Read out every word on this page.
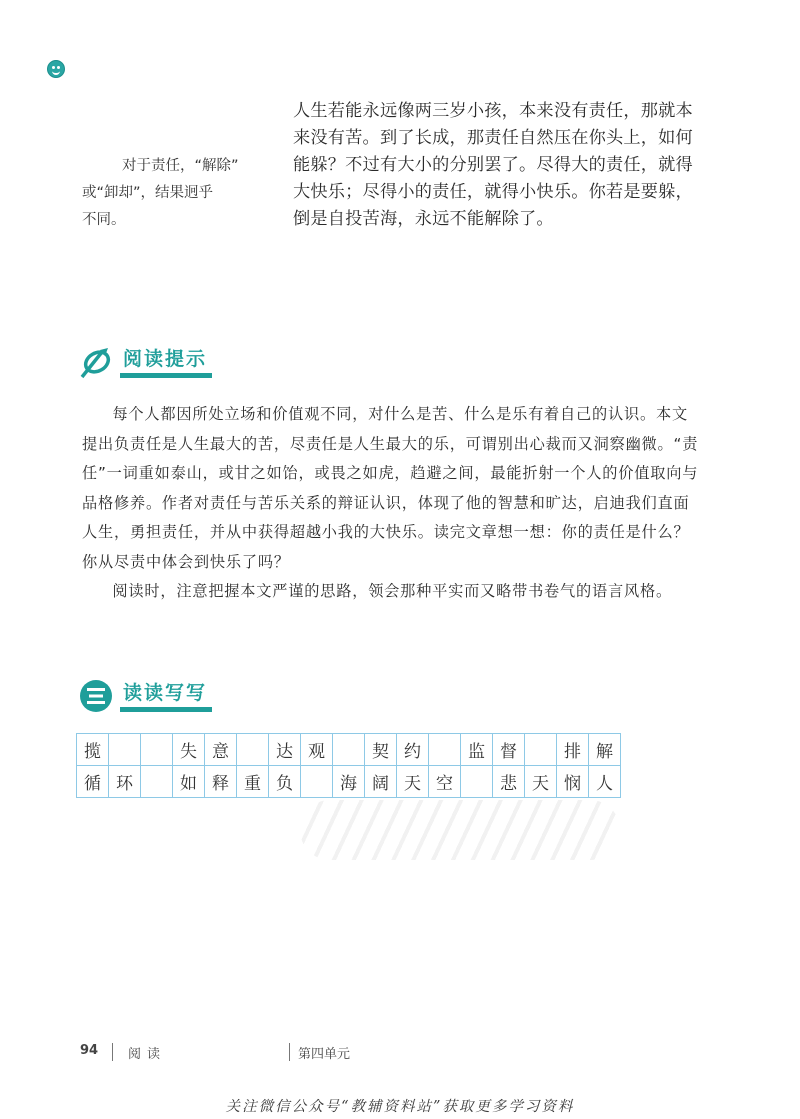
人生若能永远像两三岁小孩，本来没有责任，那就本来没有苦。到了长成，那责任自然压在你头上，如何能躲？不过有大小的分别罢了。尽得大的责任，就得大快乐；尽得小的责任，就得小快乐。你若是要躲，倒是自投苦海，永远不能解除了。

对于责任，“解除”
或“卸却”，结果迥乎
不同。
阅读提示

每个人都因所处立场和价值观不同，对什么是苦、什么是乐有着自己的认识。本文提出负责任是人生最大的苦，尽责任是人生最大的乐，可谓别出心裁而又洞察幽微。“责任”一词重如泰山，或甘之如饴，或畏之如虎，趋避之间，最能折射一个人的价值取向与品格修养。作者对责任与苦乐关系的辩证认识，体现了他的智慧和旷达，启迪我们直面人生，勇担责任，并从中获得超越小我的大快乐。读完文章想一想：你的责任是什么？你从尽责中体会到快乐了吗？

阅读时，注意把握本文严谨的思路，领会那种平实而又略带书卷气的语言风格。

读读写写
揽			失	意		达	观		契	约		监	督		排	解
循	环		如	释	重	负		海	阔	天	空		悲	天	悯	人
94 阅读	第四单元
关注微信公众号“教辅资料站”获取更多学习资料
